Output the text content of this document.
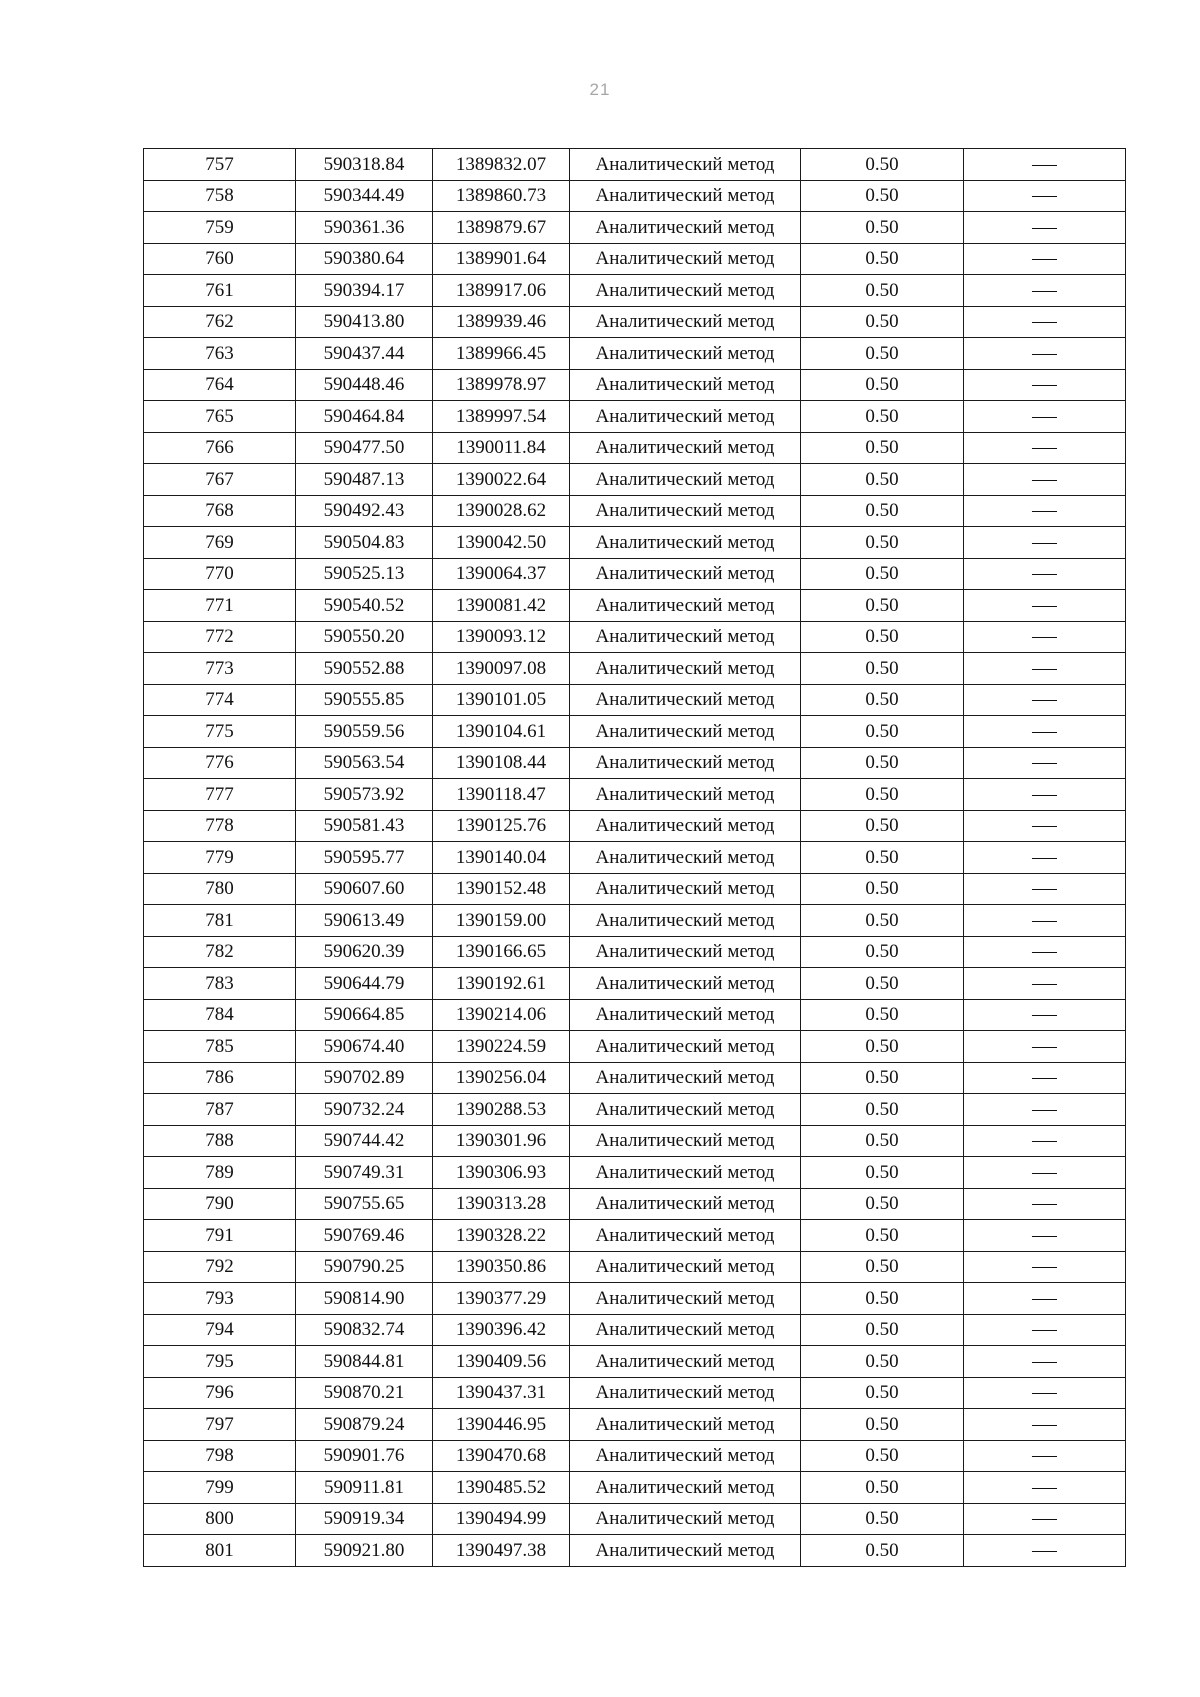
21
757	590318.84	1389832.07	Аналитический метод	0.50	—
758	590344.49	1389860.73	Аналитический метод	0.50	—
759	590361.36	1389879.67	Аналитический метод	0.50	—
760	590380.64	1389901.64	Аналитический метод	0.50	—
761	590394.17	1389917.06	Аналитический метод	0.50	—
762	590413.80	1389939.46	Аналитический метод	0.50	—
763	590437.44	1389966.45	Аналитический метод	0.50	—
764	590448.46	1389978.97	Аналитический метод	0.50	—
765	590464.84	1389997.54	Аналитический метод	0.50	—
766	590477.50	1390011.84	Аналитический метод	0.50	—
767	590487.13	1390022.64	Аналитический метод	0.50	—
768	590492.43	1390028.62	Аналитический метод	0.50	—
769	590504.83	1390042.50	Аналитический метод	0.50	—
770	590525.13	1390064.37	Аналитический метод	0.50	—
771	590540.52	1390081.42	Аналитический метод	0.50	—
772	590550.20	1390093.12	Аналитический метод	0.50	—
773	590552.88	1390097.08	Аналитический метод	0.50	—
774	590555.85	1390101.05	Аналитический метод	0.50	—
775	590559.56	1390104.61	Аналитический метод	0.50	—
776	590563.54	1390108.44	Аналитический метод	0.50	—
777	590573.92	1390118.47	Аналитический метод	0.50	—
778	590581.43	1390125.76	Аналитический метод	0.50	—
779	590595.77	1390140.04	Аналитический метод	0.50	—
780	590607.60	1390152.48	Аналитический метод	0.50	—
781	590613.49	1390159.00	Аналитический метод	0.50	—
782	590620.39	1390166.65	Аналитический метод	0.50	—
783	590644.79	1390192.61	Аналитический метод	0.50	—
784	590664.85	1390214.06	Аналитический метод	0.50	—
785	590674.40	1390224.59	Аналитический метод	0.50	—
786	590702.89	1390256.04	Аналитический метод	0.50	—
787	590732.24	1390288.53	Аналитический метод	0.50	—
788	590744.42	1390301.96	Аналитический метод	0.50	—
789	590749.31	1390306.93	Аналитический метод	0.50	—
790	590755.65	1390313.28	Аналитический метод	0.50	—
791	590769.46	1390328.22	Аналитический метод	0.50	—
792	590790.25	1390350.86	Аналитический метод	0.50	—
793	590814.90	1390377.29	Аналитический метод	0.50	—
794	590832.74	1390396.42	Аналитический метод	0.50	—
795	590844.81	1390409.56	Аналитический метод	0.50	—
796	590870.21	1390437.31	Аналитический метод	0.50	—
797	590879.24	1390446.95	Аналитический метод	0.50	—
798	590901.76	1390470.68	Аналитический метод	0.50	—
799	590911.81	1390485.52	Аналитический метод	0.50	—
800	590919.34	1390494.99	Аналитический метод	0.50	—
801	590921.80	1390497.38	Аналитический метод	0.50	—
